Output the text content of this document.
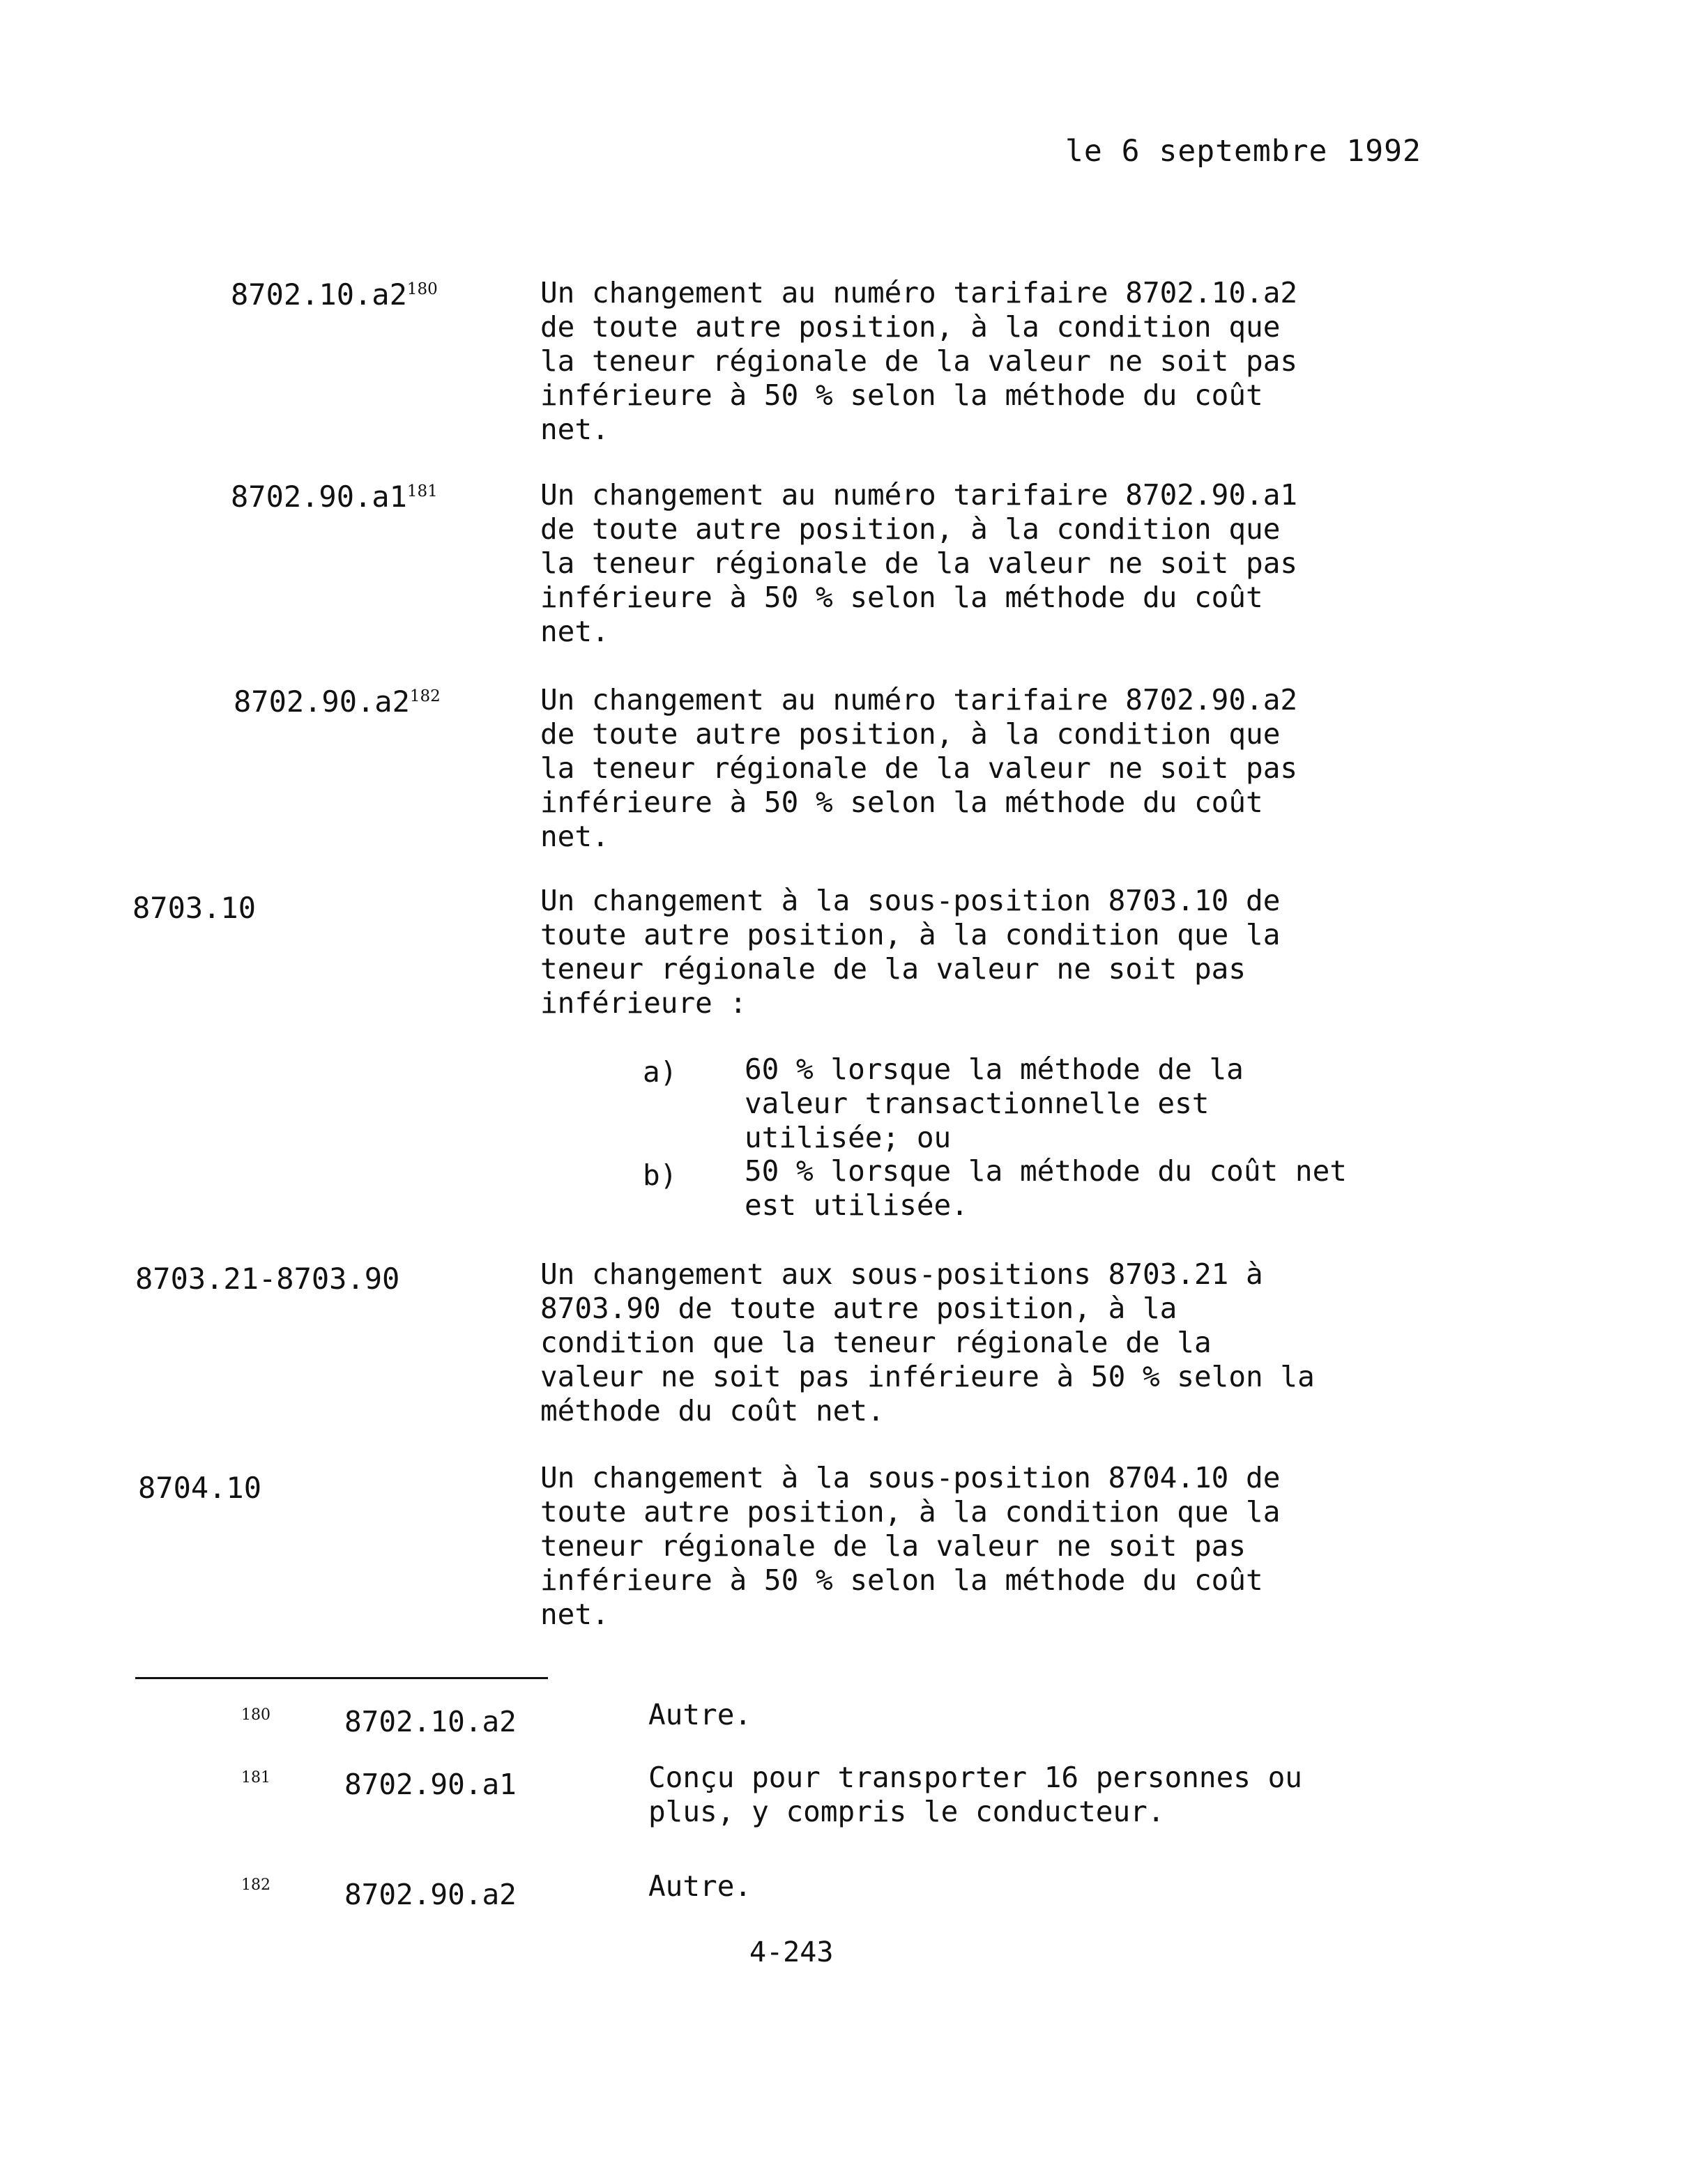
le 6 septembre 1992
$8702.10.a2^{180}$	Un changement au numéro tarifaire 8702.10.a2
de toute autre position, à la condition que
la teneur régionale de la valeur ne soit pas
inférieure à 50 % selon la méthode du coût
net.
$8702.90.a1^{181}$	Un changement au numéro tarifaire 8702.90.a1
de toute autre position, à la condition que
la teneur régionale de la valeur ne soit pas
inférieure à 50 % selon la méthode du coût
net.
$8702.90.a2^{182}$	Un changement au numéro tarifaire 8702.90.a2
de toute autre position, à la condition que
la teneur régionale de la valeur ne soit pas
inférieure à 50 % selon la méthode du coût
net.
8703.10	Un changement à la sous-position 8703.10 de
toute autre position, à la condition que la
teneur régionale de la valeur ne soit pas
inférieure :
a) 60 % lorsque la méthode de la
valeur transactionnelle est
utilisée; ou
b) 50 % lorsque la méthode du coût net
est utilisée.
8703.21-8703.90	Un changement aux sous-positions 8703.21 à
8703.90 de toute autre position, à la
condition que la teneur régionale de la
valeur ne soit pas inférieure à 50 % selon la
méthode du coût net.
8704.10	Un changement à la sous-position 8704.10 de
toute autre position, à la condition que la
teneur régionale de la valeur ne soit pas
inférieure à 50 % selon la méthode du coût
net.
180	8702.10.a2	Autre.
181	8702.90.a1	Conçu pour transporter 16 personnes ou
plus, y compris le conducteur.
182	8702.90.a2	Autre.
4-243
